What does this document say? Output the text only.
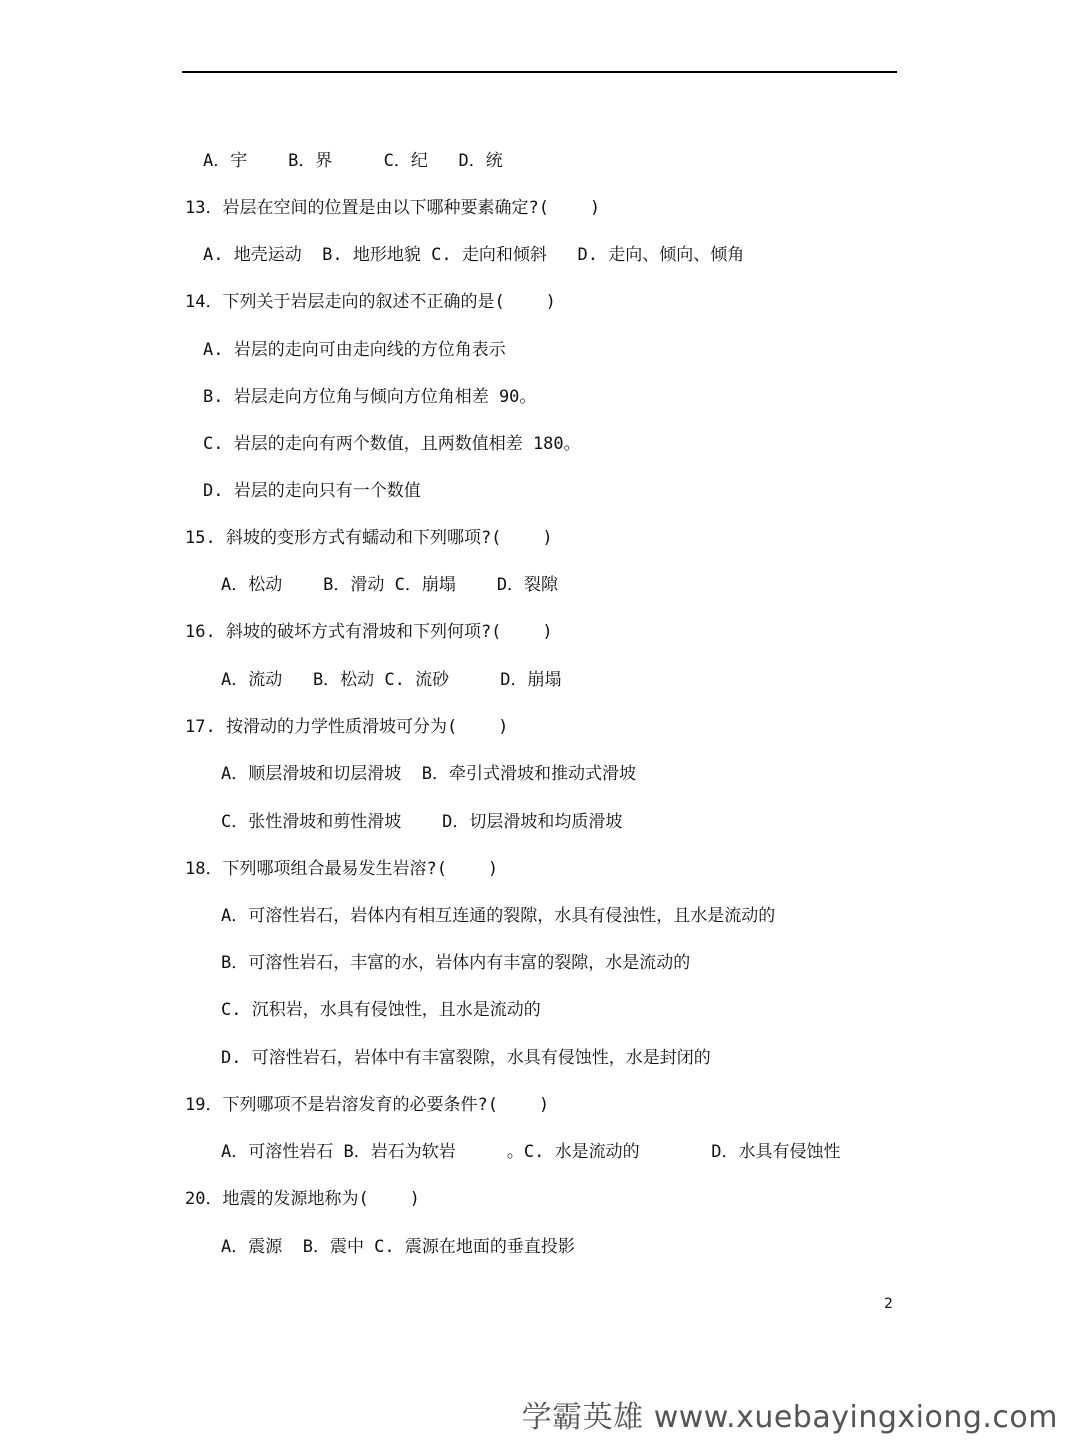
A．宇    B．界     C．纪   D．统
13．岩层在空间的位置是由以下哪种要素确定?(    )
A. 地壳运动  B. 地形地貌 C. 走向和倾斜   D. 走向、倾向、倾角
14．下列关于岩层走向的叙述不正确的是(    )
A. 岩层的走向可由走向线的方位角表示
B. 岩层走向方位角与倾向方位角相差 90。
C. 岩层的走向有两个数值，且两数值相差 180。
D. 岩层的走向只有一个数值
15. 斜坡的变形方式有蠕动和下列哪项?(    )
A．松动    B．滑动 C．崩塌    D．裂隙
16. 斜坡的破坏方式有滑坡和下列何项?(    )
A．流动   B．松动 C. 流砂     D．崩塌
17. 按滑动的力学性质滑坡可分为(    )
A．顺层滑坡和切层滑坡  B．牵引式滑坡和推动式滑坡
C．张性滑坡和剪性滑坡    D．切层滑坡和均质滑坡
18．下列哪项组合最易发生岩溶?(    )
A．可溶性岩石，岩体内有相互连通的裂隙，水具有侵浊性，且水是流动的
B．可溶性岩石，丰富的水，岩体内有丰富的裂隙，水是流动的
C. 沉积岩，水具有侵蚀性，且水是流动的
D. 可溶性岩石，岩体中有丰富裂隙，水具有侵蚀性，水是封闭的
19．下列哪项不是岩溶发育的必要条件?(    )
A．可溶性岩石 B．岩石为软岩     。C. 水是流动的       D．水具有侵蚀性
20．地震的发源地称为(    )
A．震源  B．震中 C. 震源在地面的垂直投影
2
学霸英雄 www.xuebayingxiong.com
